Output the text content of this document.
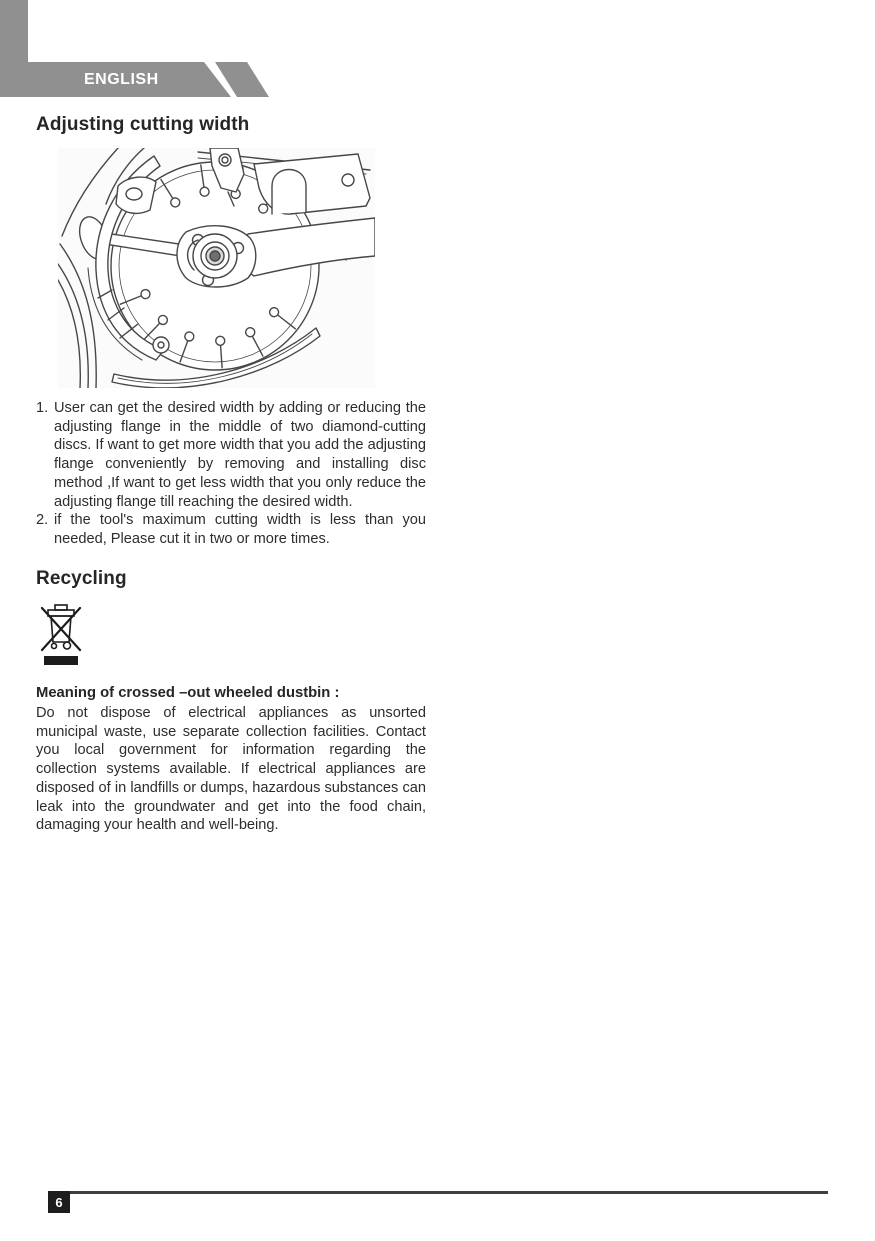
ENGLISH
Adjusting cutting width
1. User can get the desired width by adding or reducing the adjusting flange in the middle of two diamond-cutting discs. If want to get more width that you add the adjusting flange conveniently by removing and installing disc method ,If want to get less width that you only reduce the adjusting flange till reaching the desired width.
2. if the tool's maximum cutting width is less than you needed, Please cut it in two or more times.
Recycling

Meaning of crossed –out wheeled dustbin :

Do not dispose of electrical appliances as unsorted municipal waste, use separate collection facilities. Contact you local government for information regarding the collection systems available. If electrical appliances are disposed of in landfills or dumps, hazardous substances can leak into the groundwater and get into the food chain, damaging your health and well-being.

6
